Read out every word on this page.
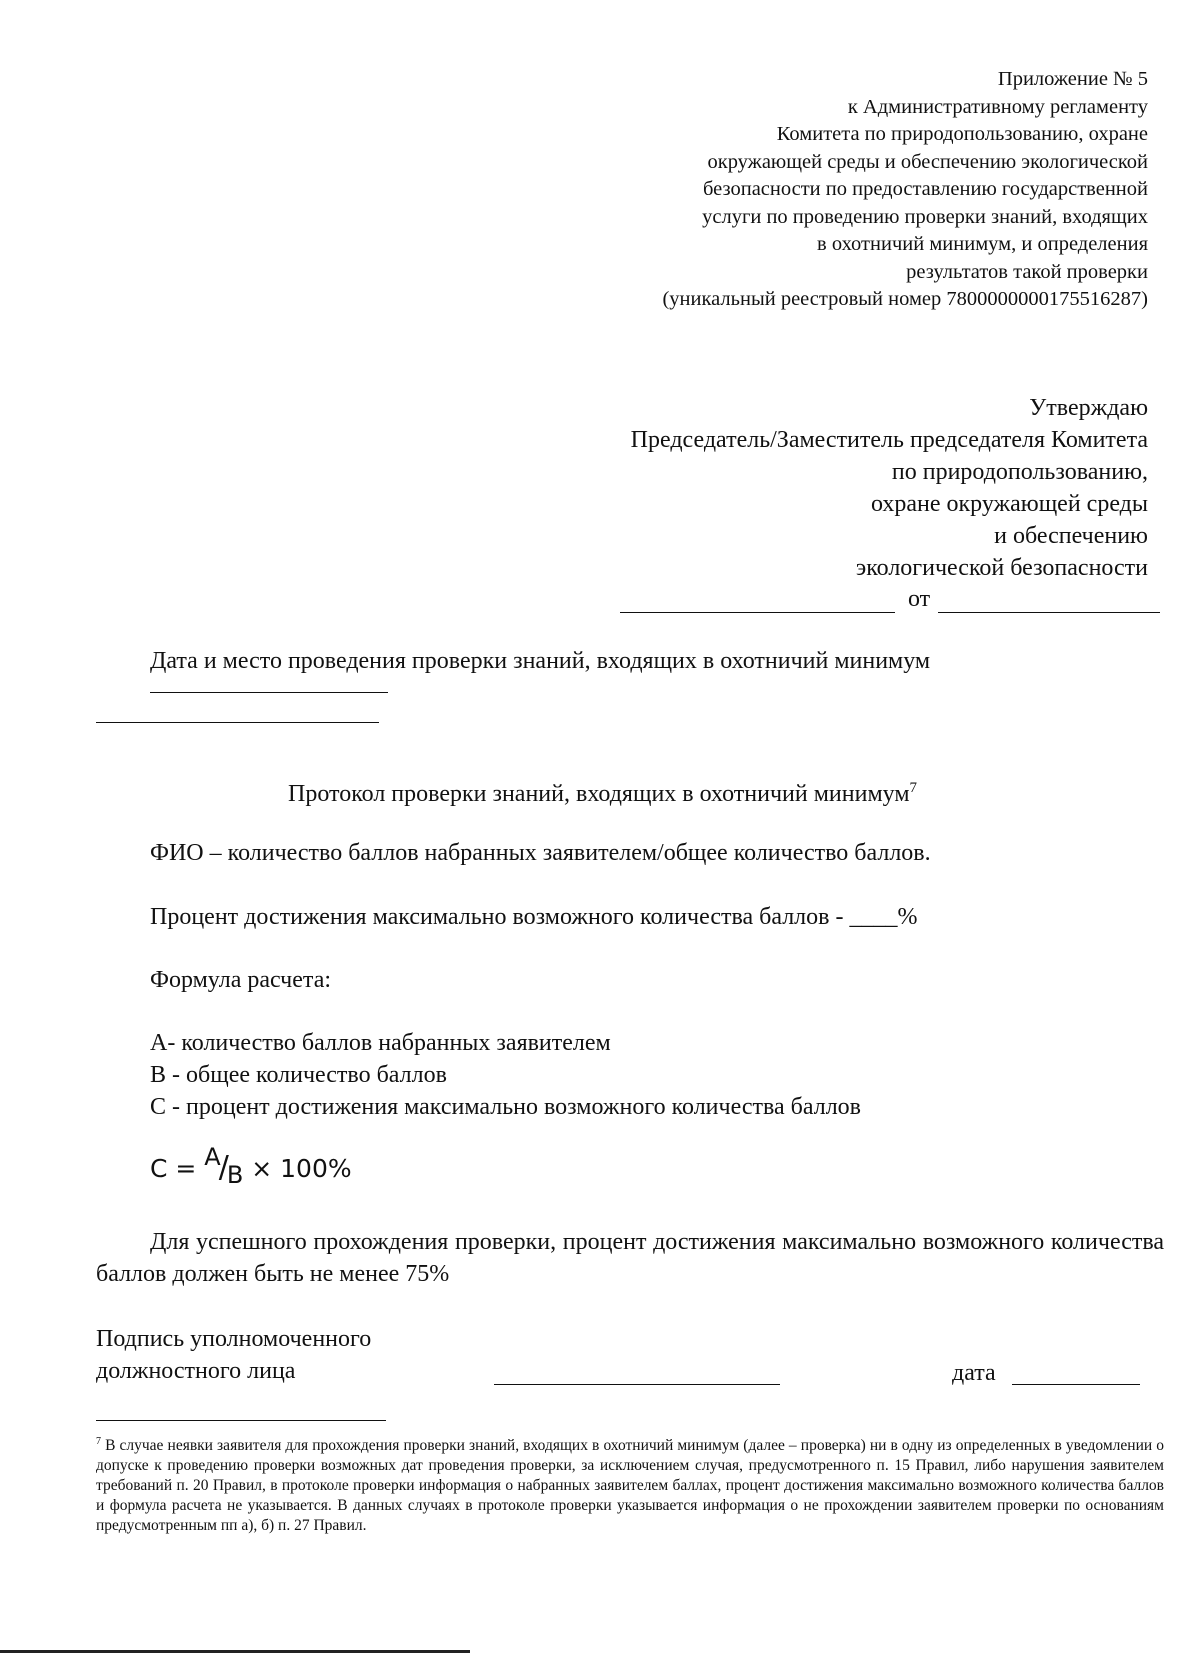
Приложение № 5
к Административному регламенту
Комитета по природопользованию, охране
окружающей среды и обеспечению экологической
безопасности по предоставлению государственной
услуги по проведению проверки знаний, входящих
в охотничий минимум, и определения
результатов такой проверки
(уникальный реестровый номер 7800000000175516287)
Утверждаю
Председатель/Заместитель председателя Комитета
по природопользованию,
охране окружающей среды
и обеспечению
экологической безопасности
от
Дата и место проведения проверки знаний, входящих в охотничий минимум
Протокол проверки знаний, входящих в охотничий минимум$^7$
ФИО – количество баллов набранных заявителем/общее количество баллов.
Процент достижения максимально возможного количества баллов - ____%
Формула расчета:
А- количество баллов набранных заявителем
В - общее количество баллов
С - процент достижения максимально возможного количества баллов
C = A/B × 100%
Для успешного прохождения проверки, процент достижения максимально возможного количества баллов должен быть не менее 75%
Подпись уполномоченного
должностного лица	дата
$^7$ В случае неявки заявителя для прохождения проверки знаний, входящих в охотничий минимум (далее – проверка) ни в одну из определенных в уведомлении о допуске к проведению проверки возможных дат проведения проверки, за исключением случая, предусмотренного п. 15 Правил, либо нарушения заявителем требований п. 20 Правил, в протоколе проверки информация о набранных заявителем баллах, процент достижения максимально возможного количества баллов и формула расчета не указывается. В данных случаях в протоколе проверки указывается информация о не прохождении заявителем проверки по основаниям предусмотренным пп а), б) п. 27 Правил.
